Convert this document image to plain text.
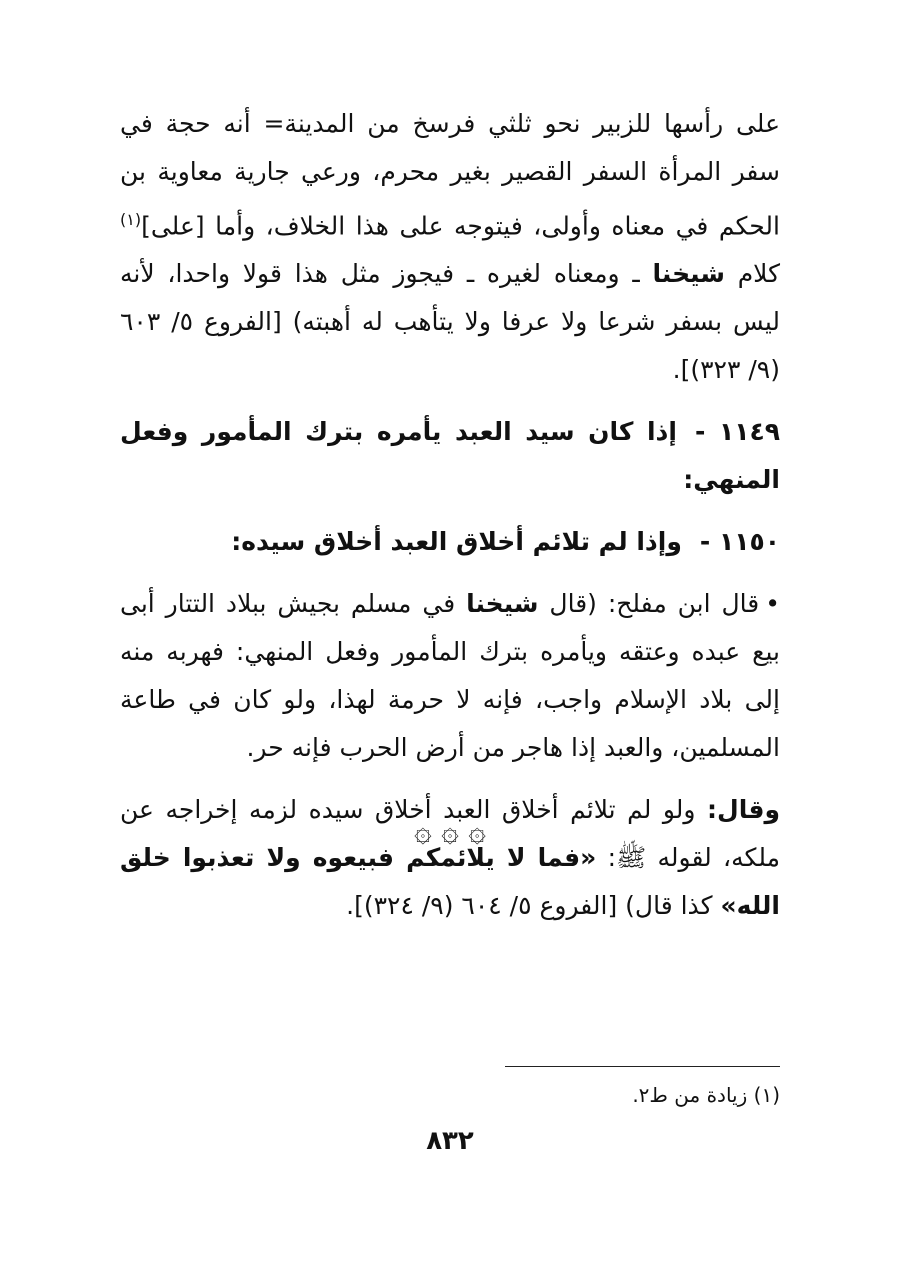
على رأسها للزبير نحو ثلثي فرسخ من المدينة= أنه حجة في سفر المرأة السفر القصير بغير محرم، ورعي جارية معاوية بن الحكم في معناه وأولى، فيتوجه على هذا الخلاف، وأما [على]$^{(١)}$ كلام شيخنا ـ ومعناه لغيره ـ فيجوز مثل هذا قولا واحدا، لأنه ليس بسفر شرعا ولا عرفا ولا يتأهب له أهبته) [الفروع ٥/ ٦٠٣ (٩/ ٣٢٣)].

١١٤٩ -إذا كان سيد العبد يأمره بترك المأمور وفعل المنهي:

١١٥٠ -وإذا لم تلائم أخلاق العبد أخلاق سيده:

•قال ابن مفلح: (قال شيخنا في مسلم بجيش ببلاد التتار أبى بيع عبده وعتقه ويأمره بترك المأمور وفعل المنهي: فهربه منه إلى بلاد الإسلام واجب، فإنه لا حرمة لهذا، ولو كان في طاعة المسلمين، والعبد إذا هاجر من أرض الحرب فإنه حر.

وقال: ولو لم تلائم أخلاق العبد أخلاق سيده لزمه إخراجه عن ملكه، لقوله ﷺ: «فما لا يلائمكم فبيعوه ولا تعذبوا خلق الله» كذا قال) [الفروع ٥/ ٦٠٤ (٩/ ٣٢٤)].

۞ ۞ ۞
(١) زيادة من ط٢.
٨٣٢
